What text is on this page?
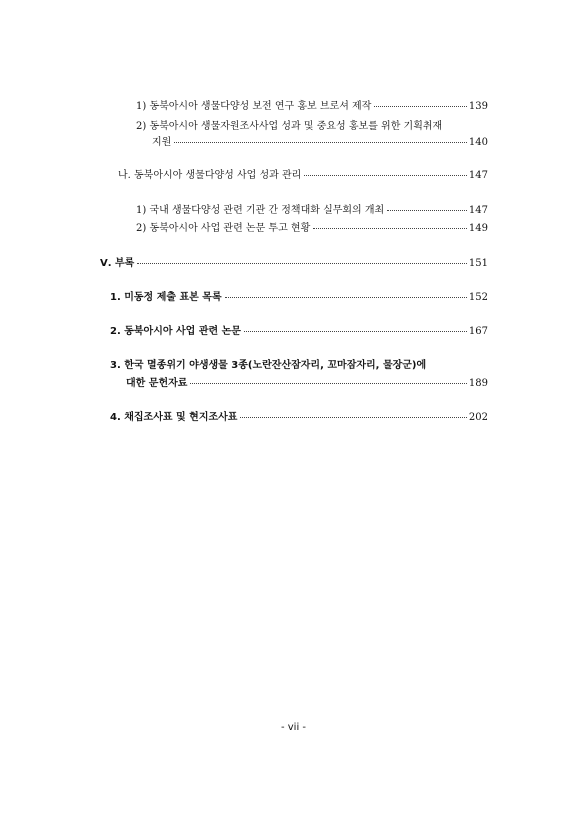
1) 동북아시아 생물다양성 보전 연구 홍보 브로셔 제작	139
2) 동북아시아 생물자원조사사업 성과 및 중요성 홍보를 위한 기획취재
지원	140
나. 동북아시아 생물다양성 사업 성과 관리	147
1) 국내 생물다양성 관련 기관 간 정책대화 실무회의 개최	147
2) 동북아시아 사업 관련 논문 투고 현황	149
Ⅴ. 부록	151
1. 미동정 제출 표본 목록	152
2. 동북아시아 사업 관련 논문	167
3. 한국 멸종위기 야생생물 3종(노란잔산잠자리, 꼬마잠자리, 물장군)에
대한 문헌자료	189
4. 채집조사표 및 현지조사표	202
- vii -
